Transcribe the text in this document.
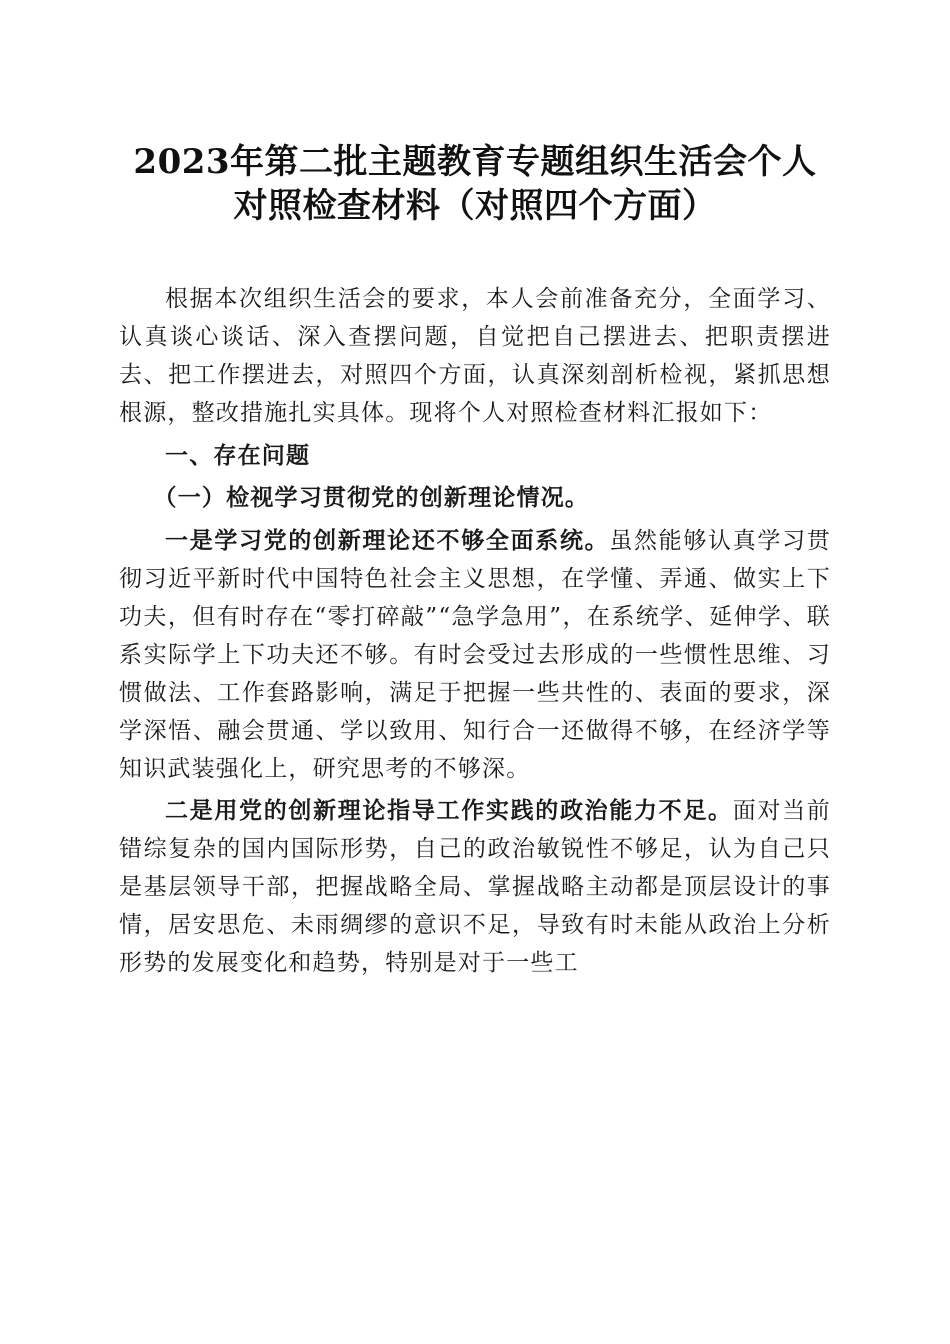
2023年第二批主题教育专题组织生活会个人
对照检查材料（对照四个方面）

根据本次组织生活会的要求，本人会前准备充分，全面学习、认真谈心谈话、深入查摆问题，自觉把自己摆进去、把职责摆进去、把工作摆进去，对照四个方面，认真深刻剖析检视，紧抓思想根源，整改措施扎实具体。现将个人对照检查材料汇报如下：

一、存在问题

（一）检视学习贯彻党的创新理论情况。

一是学习党的创新理论还不够全面系统。虽然能够认真学习贯彻习近平新时代中国特色社会主义思想，在学懂、弄通、做实上下功夫，但有时存在“零打碎敲”“急学急用”，在系统学、延伸学、联系实际学上下功夫还不够。有时会受过去形成的一些惯性思维、习惯做法、工作套路影响，满足于把握一些共性的、表面的要求，深学深悟、融会贯通、学以致用、知行合一还做得不够，在经济学等知识武装强化上，研究思考的不够深。

二是用党的创新理论指导工作实践的政治能力不足。面对当前错综复杂的国内国际形势，自己的政治敏锐性不够足，认为自己只是基层领导干部，把握战略全局、掌握战略主动都是顶层设计的事情，居安思危、未雨绸缪的意识不足，导致有时未能从政治上分析形势的发展变化和趋势，特别是对于一些工
